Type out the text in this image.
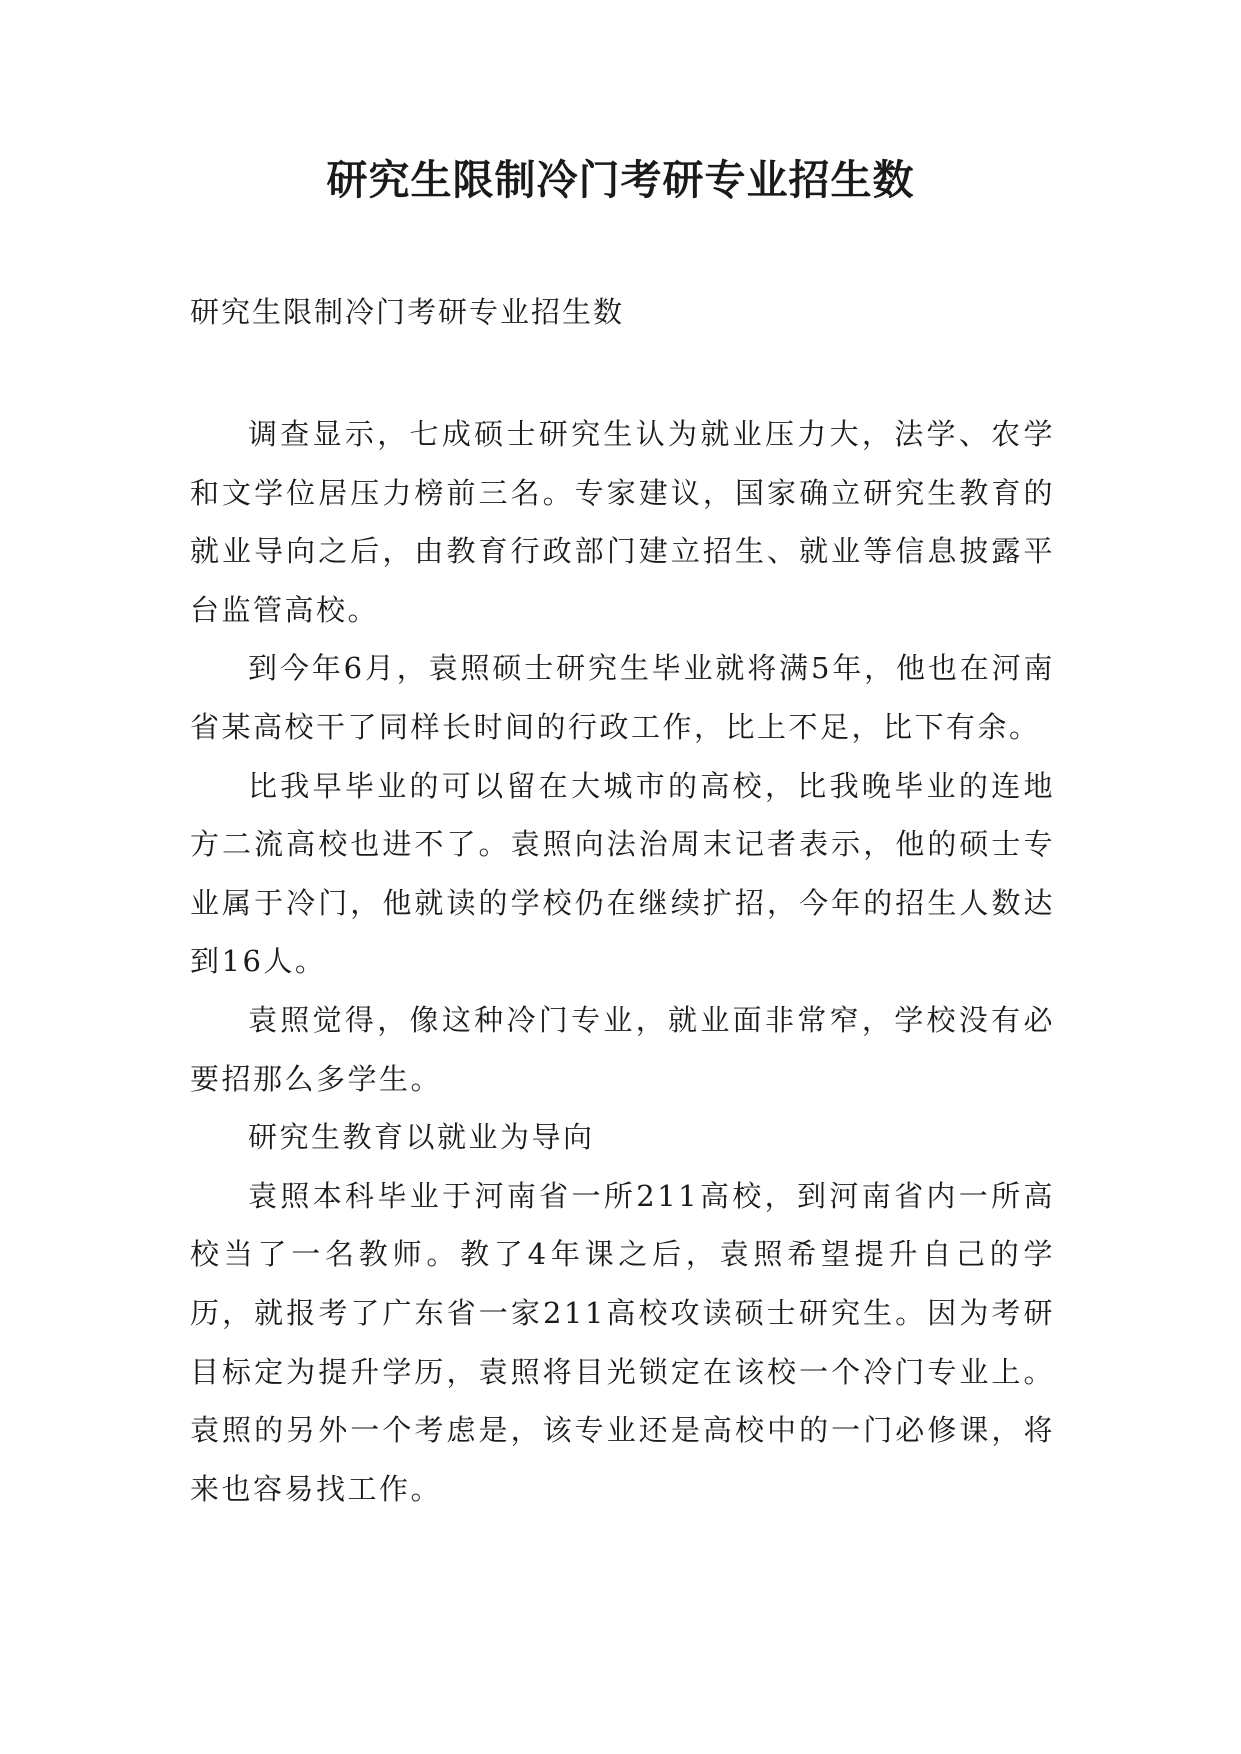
研究生限制冷门考研专业招生数

研究生限制冷门考研专业招生数

调查显示，七成硕士研究生认为就业压力大，法学、农学和文学位居压力榜前三名。专家建议，国家确立研究生教育的就业导向之后，由教育行政部门建立招生、就业等信息披露平台监管高校。

到今年6月，袁照硕士研究生毕业就将满5年，他也在河南省某高校干了同样长时间的行政工作，比上不足，比下有余。

比我早毕业的可以留在大城市的高校，比我晚毕业的连地方二流高校也进不了。袁照向法治周末记者表示，他的硕士专业属于冷门，他就读的学校仍在继续扩招，今年的招生人数达到16人。

袁照觉得，像这种冷门专业，就业面非常窄，学校没有必要招那么多学生。

研究生教育以就业为导向

袁照本科毕业于河南省一所211高校，到河南省内一所高校当了一名教师。教了4年课之后，袁照希望提升自己的学历，就报考了广东省一家211高校攻读硕士研究生。因为考研目标定为提升学历，袁照将目光锁定在该校一个冷门专业上。袁照的另外一个考虑是，该专业还是高校中的一门必修课，将来也容易找工作。
